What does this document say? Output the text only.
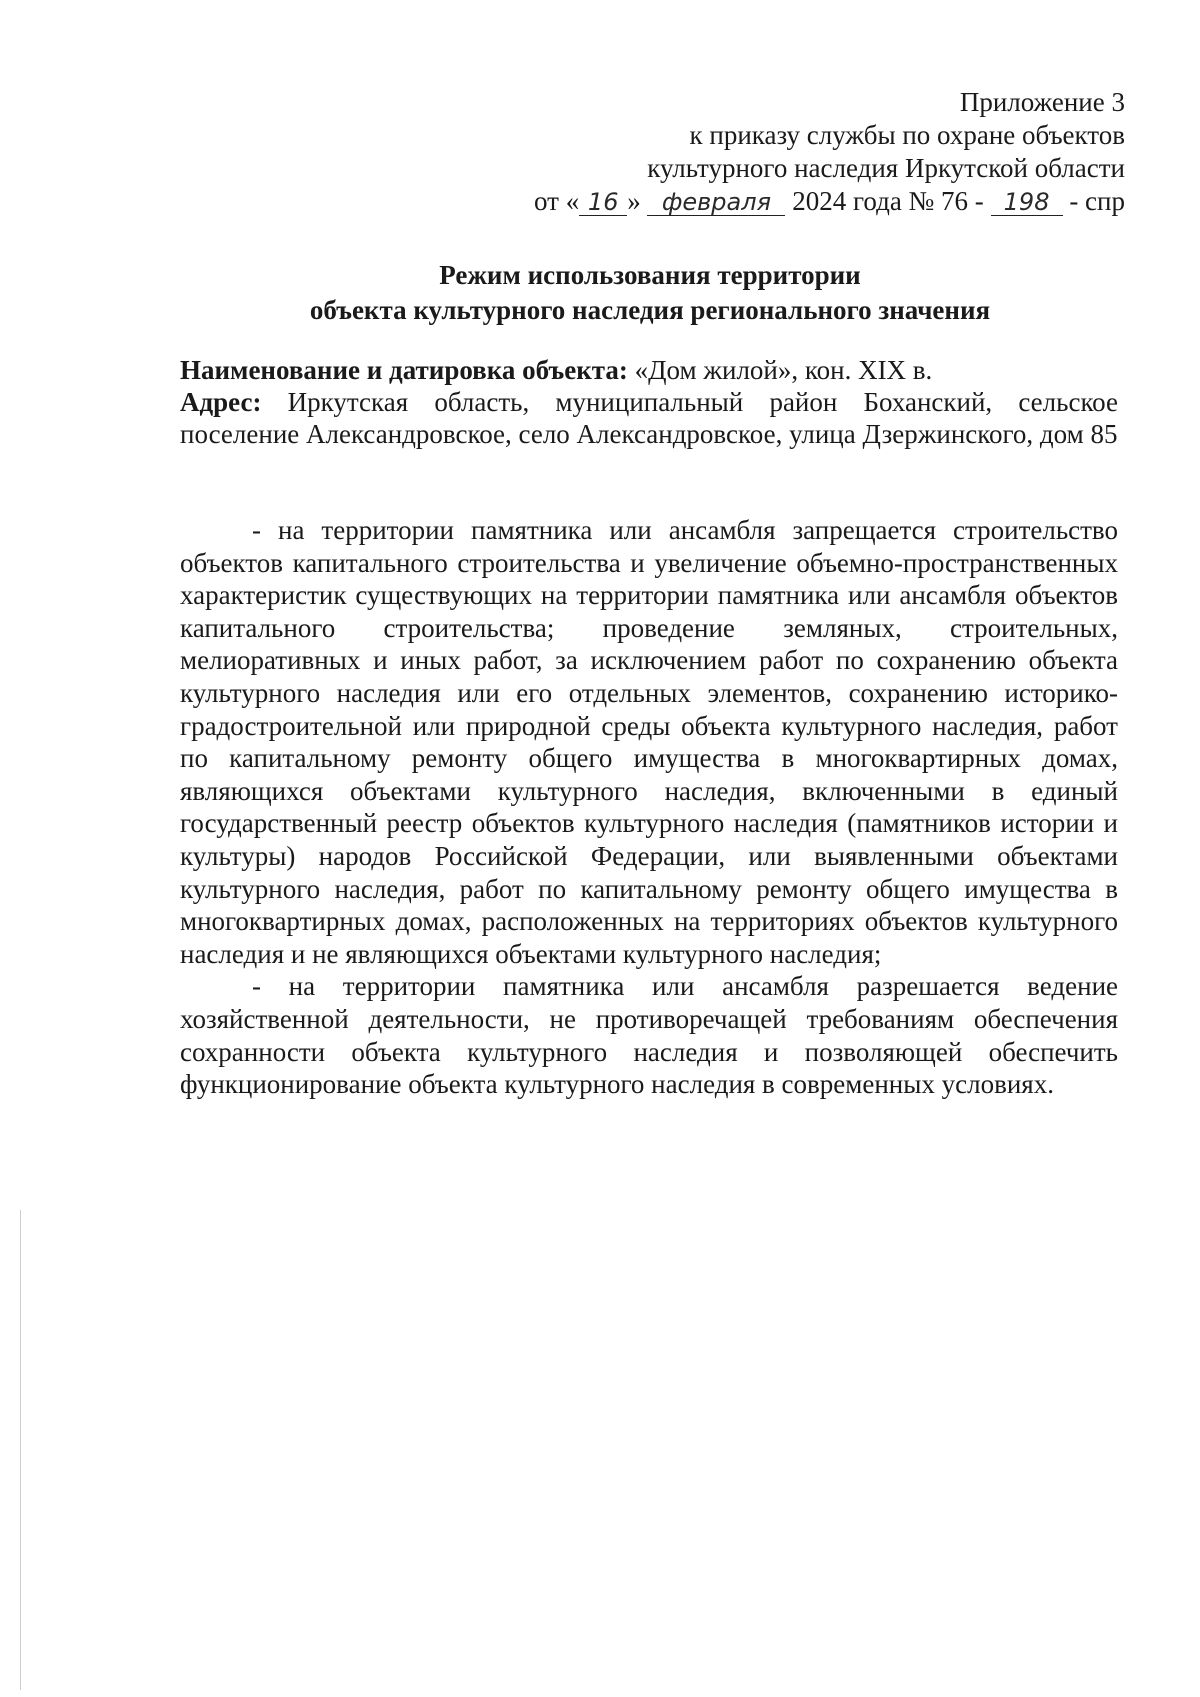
Приложение 3
к приказу службы по охране объектов
культурного наследия Иркутской области
от « 16 » февраля 2024 года № 76 - 198 - спр
Режим использования территории
объекта культурного наследия регионального значения

Наименование и датировка объекта: «Дом жилой», кон. XIX в.

Адрес: Иркутская область, муниципальный район Боханский, сельское поселение Александровское, село Александровское, улица Дзержинского, дом 85

- на территории памятника или ансамбля запрещается строительство объектов капитального строительства и увеличение объемно-пространственных характеристик существующих на территории памятника или ансамбля объектов капитального строительства; проведение земляных, строительных, мелиоративных и иных работ, за исключением работ по сохранению объекта культурного наследия или его отдельных элементов, сохранению историко-градостроительной или природной среды объекта культурного наследия, работ по капитальному ремонту общего имущества в многоквартирных домах, являющихся объектами культурного наследия, включенными в единый государственный реестр объектов культурного наследия (памятников истории и культуры) народов Российской Федерации, или выявленными объектами культурного наследия, работ по капитальному ремонту общего имущества в многоквартирных домах, расположенных на территориях объектов культурного наследия и не являющихся объектами культурного наследия;

- на территории памятника или ансамбля разрешается ведение хозяйственной деятельности, не противоречащей требованиям обеспечения сохранности объекта культурного наследия и позволяющей обеспечить функционирование объекта культурного наследия в современных условиях.
